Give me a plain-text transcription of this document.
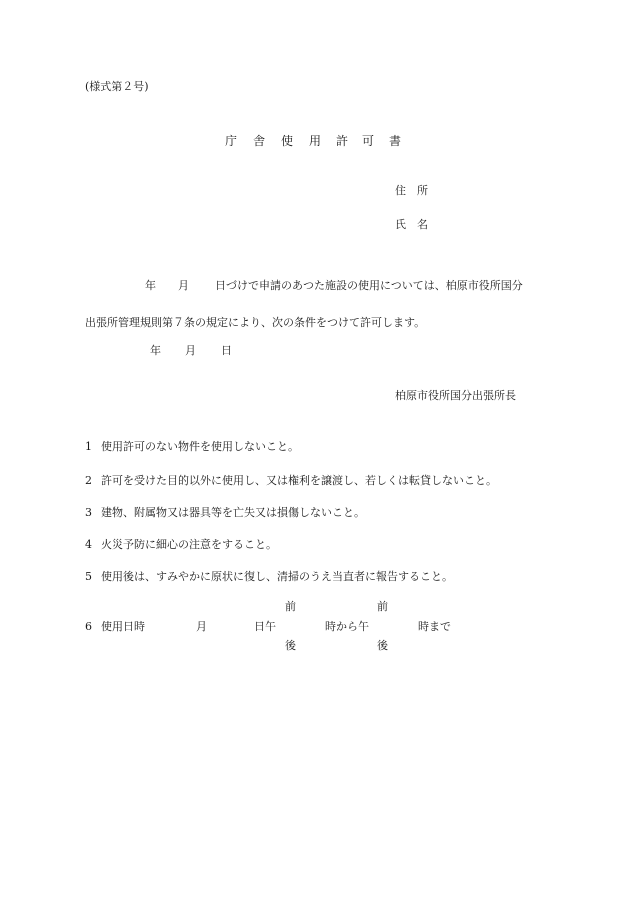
(様式第２号)
庁 舎 使 用 許 可 書
住　所
氏　名
年 月 日づけで申請のあつた施設の使用については、柏原市役所国分
出張所管理規則第７条の規定により、次の条件をつけて許可します。
年 月 日
柏原市役所国分出張所長
1 使用許可のない物件を使用しないこと。
2 許可を受けた目的以外に使用し、又は権利を譲渡し、若しくは転貸しないこと。
3 建物、附属物又は器具等を亡失又は損傷しないこと。
4 火災予防に細心の注意をすること。
5 使用後は、すみやかに原状に復し、清掃のうえ当直者に報告すること。
前	前
6 使用日時	月	日午	時から午	時まで
後	後
